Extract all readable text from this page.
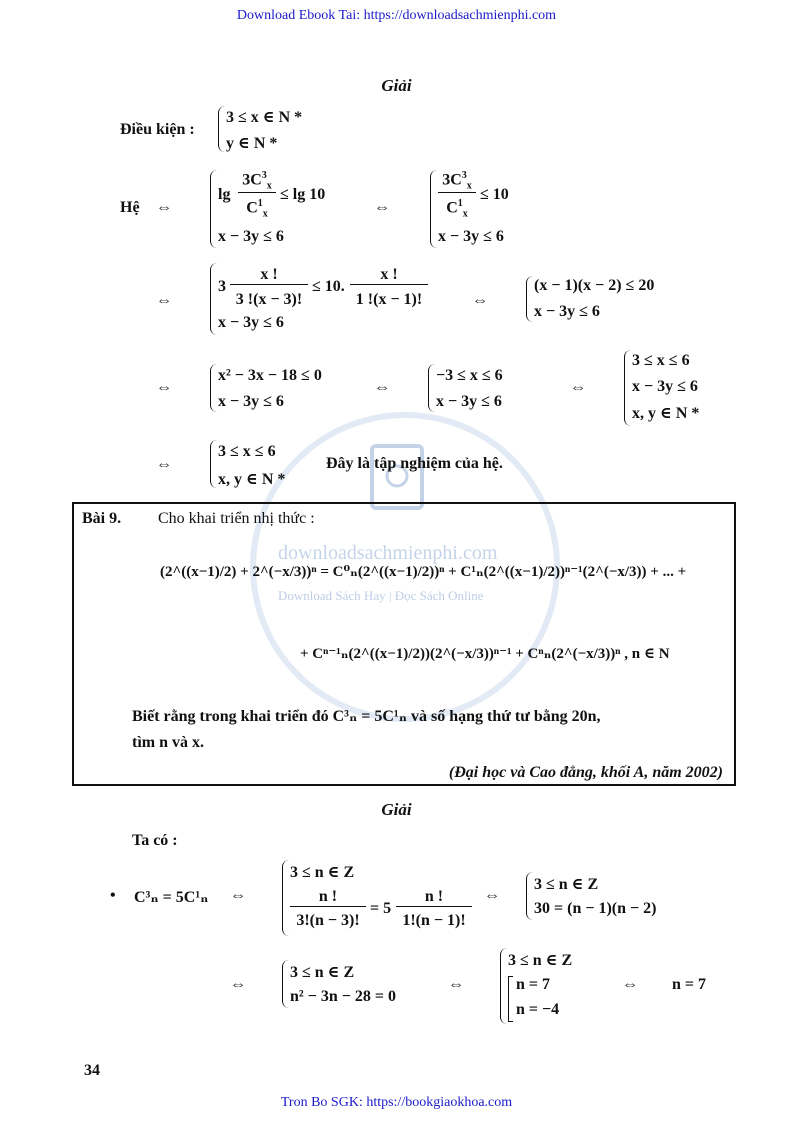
Download Ebook Tai: https://downloadsachmienphi.com
downloadsachmienphi.com
Download Sách Hay | Đọc Sách Online
Giải
Điều kiện :
3 ≤ x ∈ N *
y ∈ N *
Hệ ⇔
lg
$3C^3_x$
$C^1_x$
≤ lg 10
x − 3y ≤ 6
⇔
$3C^3_x$
$C^1_x$
≤ 10
x − 3y ≤ 6
⇔
3
x !
3 !(x − 3)!
≤ 10.
x !
1 !(x − 1)!
x − 3y ≤ 6
⇔
(x − 1)(x − 2) ≤ 20
x − 3y ≤ 6
⇔
x² − 3x − 18 ≤ 0
x − 3y ≤ 6
⇔
−3 ≤ x ≤ 6
x − 3y ≤ 6
⇔
3 ≤ x ≤ 6
x − 3y ≤ 6
x, y ∈ N *
⇔
3 ≤ x ≤ 6
x, y ∈ N *
Đây là tập nghiệm của hệ.
Bài 9. Cho khai triển nhị thức :
(2^((x−1)/2) + 2^(−x/3))ⁿ = C⁰ₙ(2^((x−1)/2))ⁿ + C¹ₙ(2^((x−1)/2))ⁿ⁻¹(2^(−x/3)) + ... +
+ Cⁿ⁻¹ₙ(2^((x−1)/2))(2^(−x/3))ⁿ⁻¹ + Cⁿₙ(2^(−x/3))ⁿ , n ∈ N
Biết rằng trong khai triển đó C³ₙ = 5C¹ₙ và số hạng thứ tư bằng 20n,
tìm n và x.
(Đại học và Cao đẳng, khối A, năm 2002)
Giải
Ta có :
• C³ₙ = 5C¹ₙ ⇔
3 ≤ n ∈ Z
n !
3!(n − 3)!
= 5
n !
1!(n − 1)!
⇔
3 ≤ n ∈ Z
30 = (n − 1)(n − 2)
⇔
3 ≤ n ∈ Z
n² − 3n − 28 = 0
⇔
3 ≤ n ∈ Z
n = 7
n = −4
⇔ n = 7
34
Tron Bo SGK: https://bookgiaokhoa.com
